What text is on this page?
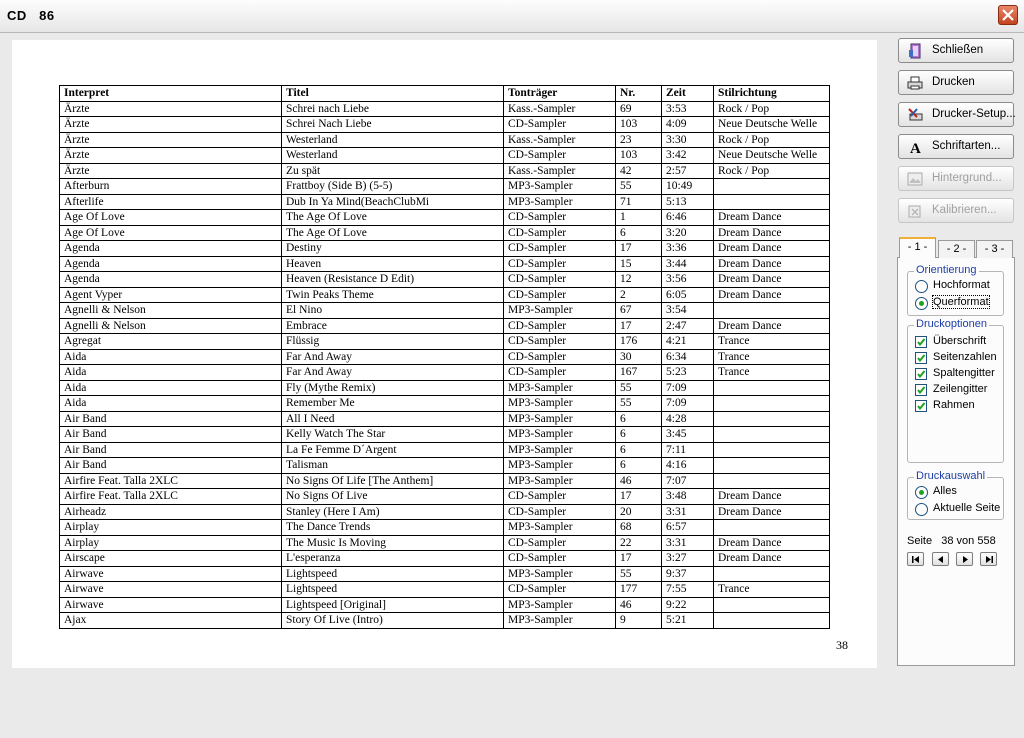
CD   86
Interpret	Titel	Tonträger	Nr.	Zeit	Stilrichtung
Ärzte	Schrei nach Liebe	Kass.-Sampler	69	3:53	Rock / Pop
Ärzte	Schrei Nach Liebe	CD-Sampler	103	4:09	Neue Deutsche Welle
Ärzte	Westerland	Kass.-Sampler	23	3:30	Rock / Pop
Ärzte	Westerland	CD-Sampler	103	3:42	Neue Deutsche Welle
Ärzte	Zu spät	Kass.-Sampler	42	2:57	Rock / Pop
Afterburn	Frattboy (Side B) (5-5)	MP3-Sampler	55	10:49	
Afterlife	Dub In Ya Mind(BeachClubMi	MP3-Sampler	71	5:13	
Age Of Love	The Age Of Love	CD-Sampler	1	6:46	Dream Dance
Age Of Love	The Age Of Love	CD-Sampler	6	3:20	Dream Dance
Agenda	Destiny	CD-Sampler	17	3:36	Dream Dance
Agenda	Heaven	CD-Sampler	15	3:44	Dream Dance
Agenda	Heaven (Resistance D Edit)	CD-Sampler	12	3:56	Dream Dance
Agent Vyper	Twin Peaks Theme	CD-Sampler	2	6:05	Dream Dance
Agnelli & Nelson	El Nino	MP3-Sampler	67	3:54	
Agnelli & Nelson	Embrace	CD-Sampler	17	2:47	Dream Dance
Agregat	Flüssig	CD-Sampler	176	4:21	Trance
Aida	Far And Away	CD-Sampler	30	6:34	Trance
Aida	Far And Away	CD-Sampler	167	5:23	Trance
Aida	Fly (Mythe Remix)	MP3-Sampler	55	7:09	
Aida	Remember Me	MP3-Sampler	55	7:09	
Air Band	All I Need	MP3-Sampler	6	4:28	
Air Band	Kelly Watch The Star	MP3-Sampler	6	3:45	
Air Band	La Fe Femme D´Argent	MP3-Sampler	6	7:11	
Air Band	Talisman	MP3-Sampler	6	4:16	
Airfire Feat. Talla 2XLC	No Signs Of Life [The Anthem]	MP3-Sampler	46	7:07	
Airfire Feat. Talla 2XLC	No Signs Of Live	CD-Sampler	17	3:48	Dream Dance
Airheadz	Stanley (Here I Am)	CD-Sampler	20	3:31	Dream Dance
Airplay	The Dance Trends	MP3-Sampler	68	6:57	
Airplay	The Music Is Moving	CD-Sampler	22	3:31	Dream Dance
Airscape	L'esperanza	CD-Sampler	17	3:27	Dream Dance
Airwave	Lightspeed	MP3-Sampler	55	9:37	
Airwave	Lightspeed	CD-Sampler	177	7:55	Trance
Airwave	Lightspeed [Original]	MP3-Sampler	46	9:22	
Ajax	Story Of Live (Intro)	MP3-Sampler	9	5:21	
38
Schließen
Drucken
Drucker-Setup...
A Schriftarten...
Hintergrund...
Kalibrieren...
- 1 -	- 2 -	- 3 -
Orientierung
Hochformat
Querformat
Druckoptionen
Überschrift
Seitenzahlen
Spaltengitter
Zeilengitter
Rahmen
Druckauswahl
Alles
Aktuelle Seite
Seite 38 von 558
